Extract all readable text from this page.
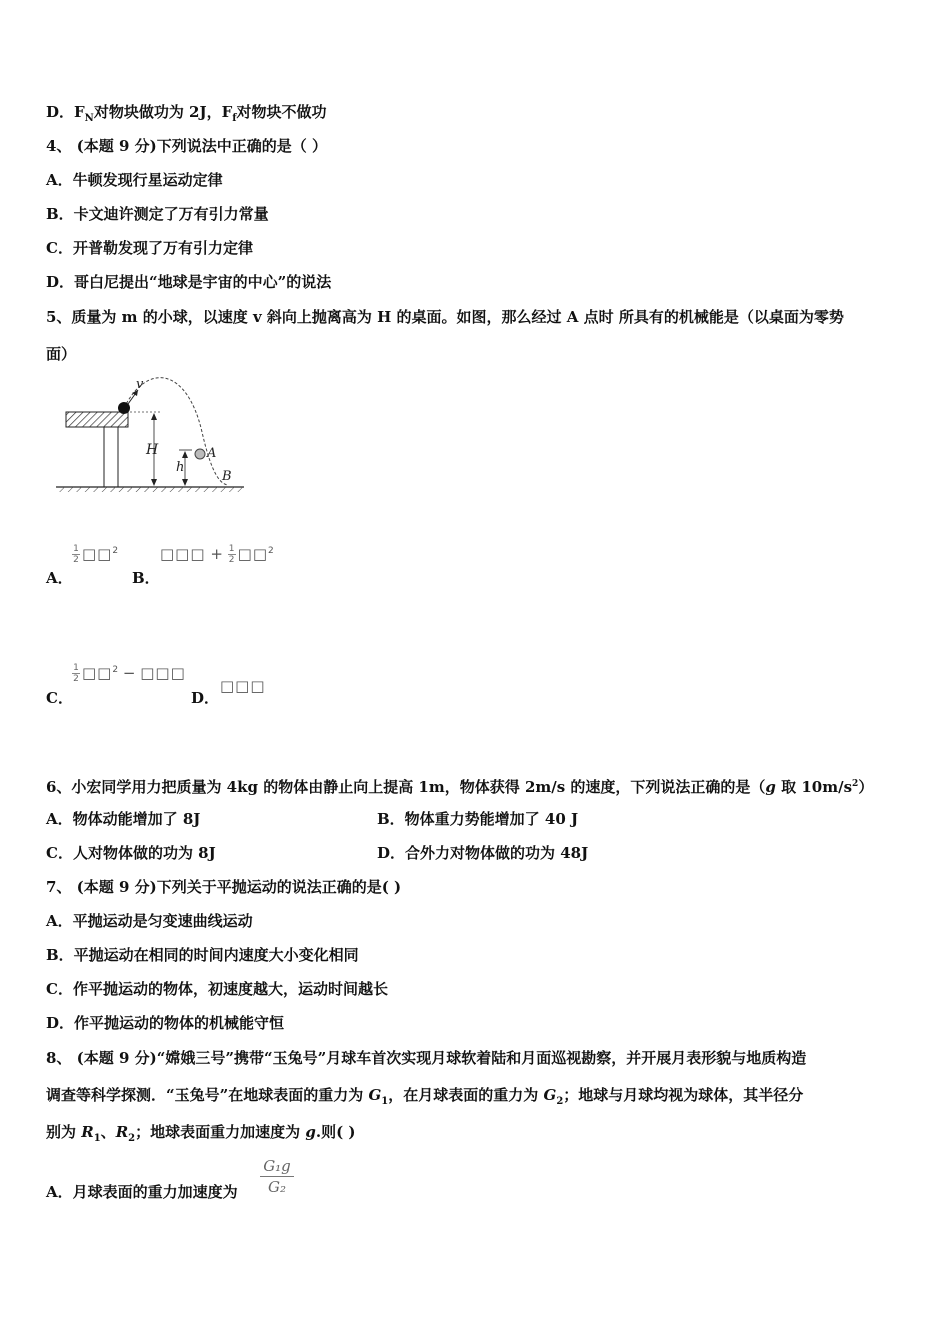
D．$F_N$对物块做功为 2J，$F_f$对物块不做功
4、 (本题 9 分)下列说法中正确的是（ ）
A．牛顿发现行星运动定律
B．卡文迪许测定了万有引力常量
C．开普勒发现了万有引力定律
D．哥白尼提出“地球是宇宙的中心”的说法
5、质量为 m 的小球，以速度 v 斜向上抛离高为 H 的桌面。如图，那么经过 A 点时 所具有的机械能是（以桌面为零势
面）
v
H
h
A
B
A．
$\frac{1}{2}$ □□$^2$
B．
□□□ + $\frac{1}{2}$ □□$^2$
C．
$\frac{1}{2}$ □□$^2$ − □□□
D．
□□□
6、小宏同学用力把质量为 4kg 的物体由静止向上提高 1m，物体获得 2m/s 的速度，下列说法正确的是（g 取 $10m/s^2$）
A．物体动能增加了 8J	B．物体重力势能增加了 40 J
C．人对物体做的功为 8J	D．合外力对物体做的功为 48J
7、 (本题 9 分)下列关于平抛运动的说法正确的是( )
A．平抛运动是匀变速曲线运动
B．平抛运动在相同的时间内速度大小变化相同
C．作平抛运动的物体，初速度越大，运动时间越长
D．作平抛运动的物体的机械能守恒
8、 (本题 9 分)“嫦娥三号”携带“玉兔号”月球车首次实现月球软着陆和月面巡视勘察，并开展月表形貌与地质构造
调查等科学探测．“玉兔号”在地球表面的重力为 $G_1$，在月球表面的重力为 $G_2$；地球与月球均视为球体，其半径分
别为 $R_1$、$R_2$；地球表面重力加速度为 g.则( )
A．月球表面的重力加速度为
G₁g
G₂
